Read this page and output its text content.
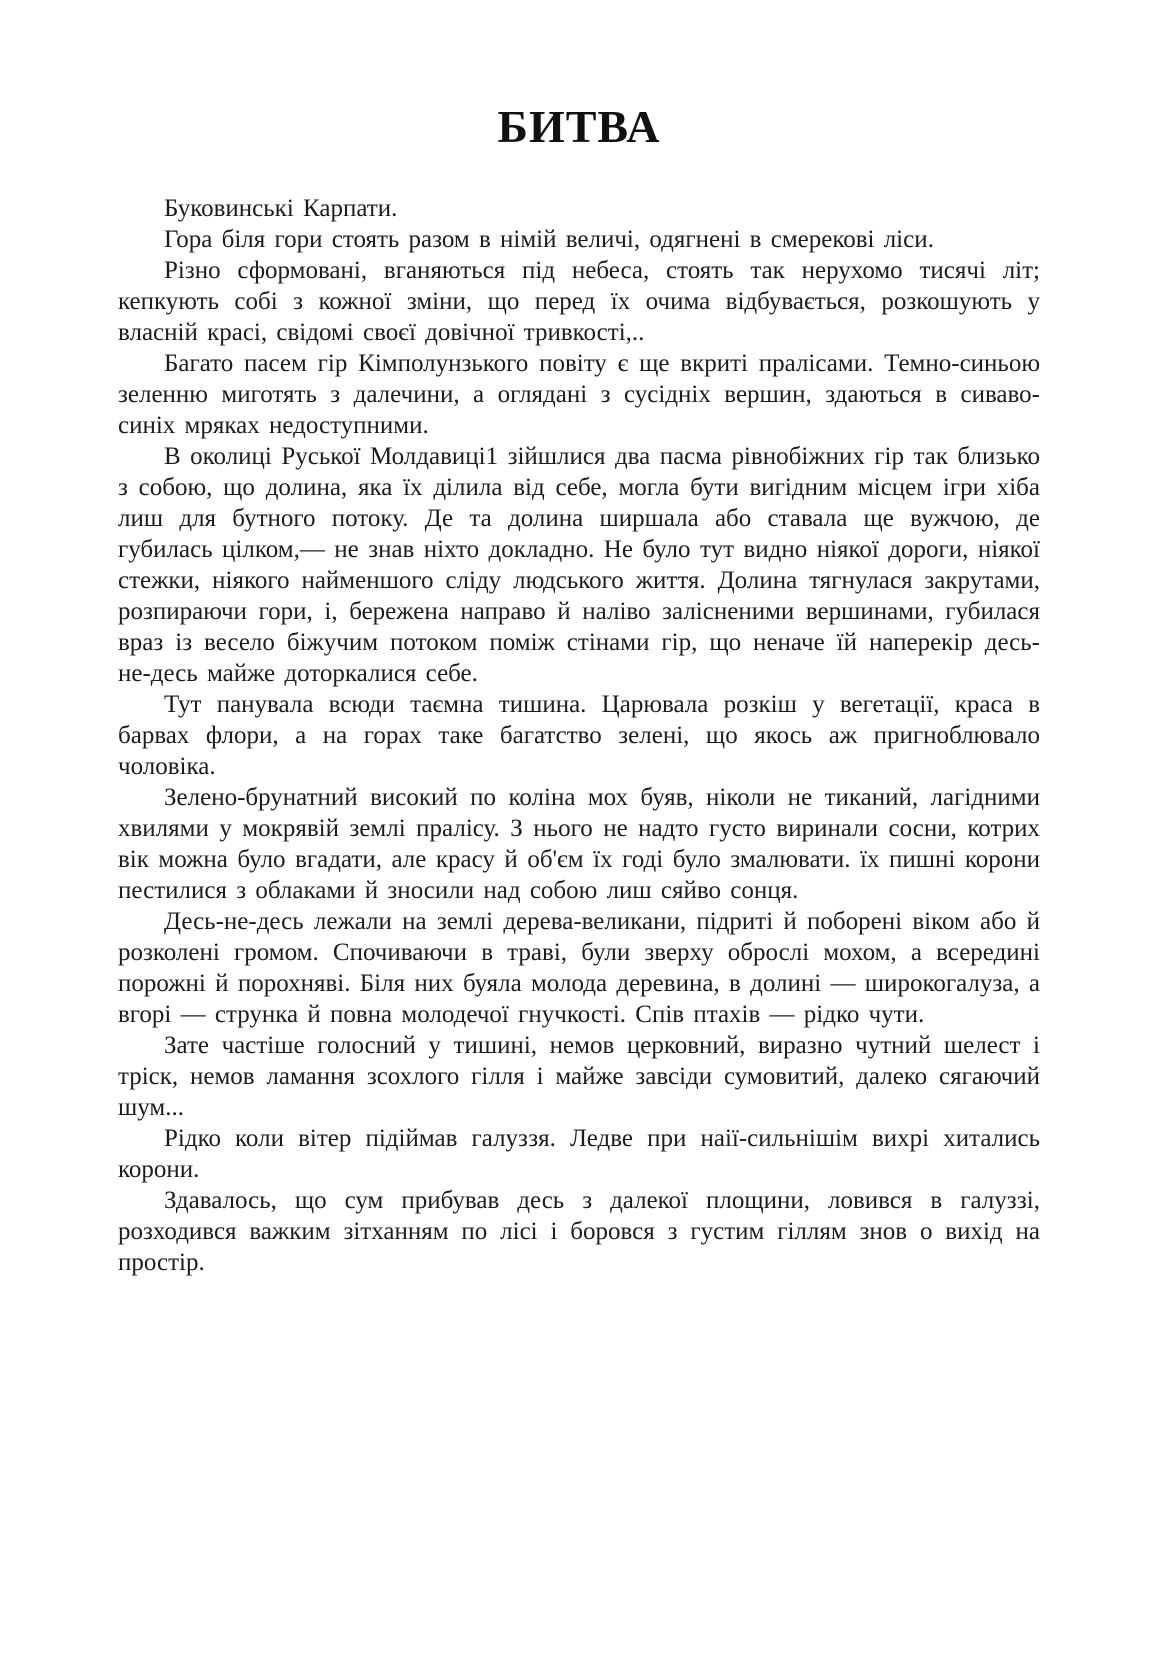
БИТВА

Буковинські Карпати.

Гора біля гори стоять разом в німій величі, одягнені в смерекові ліси.

Різно сформовані, вганяються під небеса, стоять так нерухомо тисячі літ; кепкують собі з кожної зміни, що перед їх очима відбувається, розкошують у власній красі, свідомі своєї довічної тривкості,..

Багато пасем гір Кімполунзького повіту є ще вкриті пралісами. Темно-синьою зеленню миготять з далечини, а оглядані з сусідніх вершин, здаються в сиваво-синіх мряках недоступними.

В околиці Руської Молдавиці1 зійшлися два пасма рівнобіжних гір так близько з собою, що долина, яка їх ділила від себе, могла бути вигідним місцем ігри хіба лиш для бутного потоку. Де та долина ширшала або ставала ще вужчою, де губилась цілком,— не знав ніхто докладно. Не було тут видно ніякої дороги, ніякої стежки, ніякого найменшого сліду людського життя. Долина тягнулася закрутами, розпираючи гори, і, бережена направо й наліво залісненими вершинами, губилася враз із весело біжучим потоком поміж стінами гір, що неначе їй наперекір десь-не-десь майже доторкалися себе.

Тут панувала всюди таємна тишина. Царювала розкіш у вегетації, краса в барвах флори, а на горах таке багатство зелені, що якось аж пригноблювало чоловіка.

Зелено-брунатний високий по коліна мох буяв, ніколи не тиканий, лагідними хвилями у мокрявій землі пралісу. З нього не надто густо виринали сосни, котрих вік можна було вгадати, але красу й об'єм їх годі було змалювати. їх пишні корони пестилися з облаками й зносили над собою лиш сяйво сонця.

Десь-не-десь лежали на землі дерева-великани, підриті й поборені віком або й розколені громом. Спочиваючи в траві, були зверху оброслі мохом, а всередині порожні й порохняві. Біля них буяла молода деревина, в долині — широкогалуза, а вгорі — струнка й повна молодечої гнучкості. Спів птахів — рідко чути.

Зате частіше голосний у тишині, немов церковний, виразно чутний шелест і тріск, немов ламання зсохлого гілля і майже завсіди сумовитий, далеко сягаючий шум...

Рідко коли вітер підіймав галуззя. Ледве при наії-сильнішім вихрі хитались корони.

Здавалось, що сум прибував десь з далекої площини, ловився в галуззі, розходився важким зітханням по лісі і боровся з густим гіллям знов о вихід на простір.
